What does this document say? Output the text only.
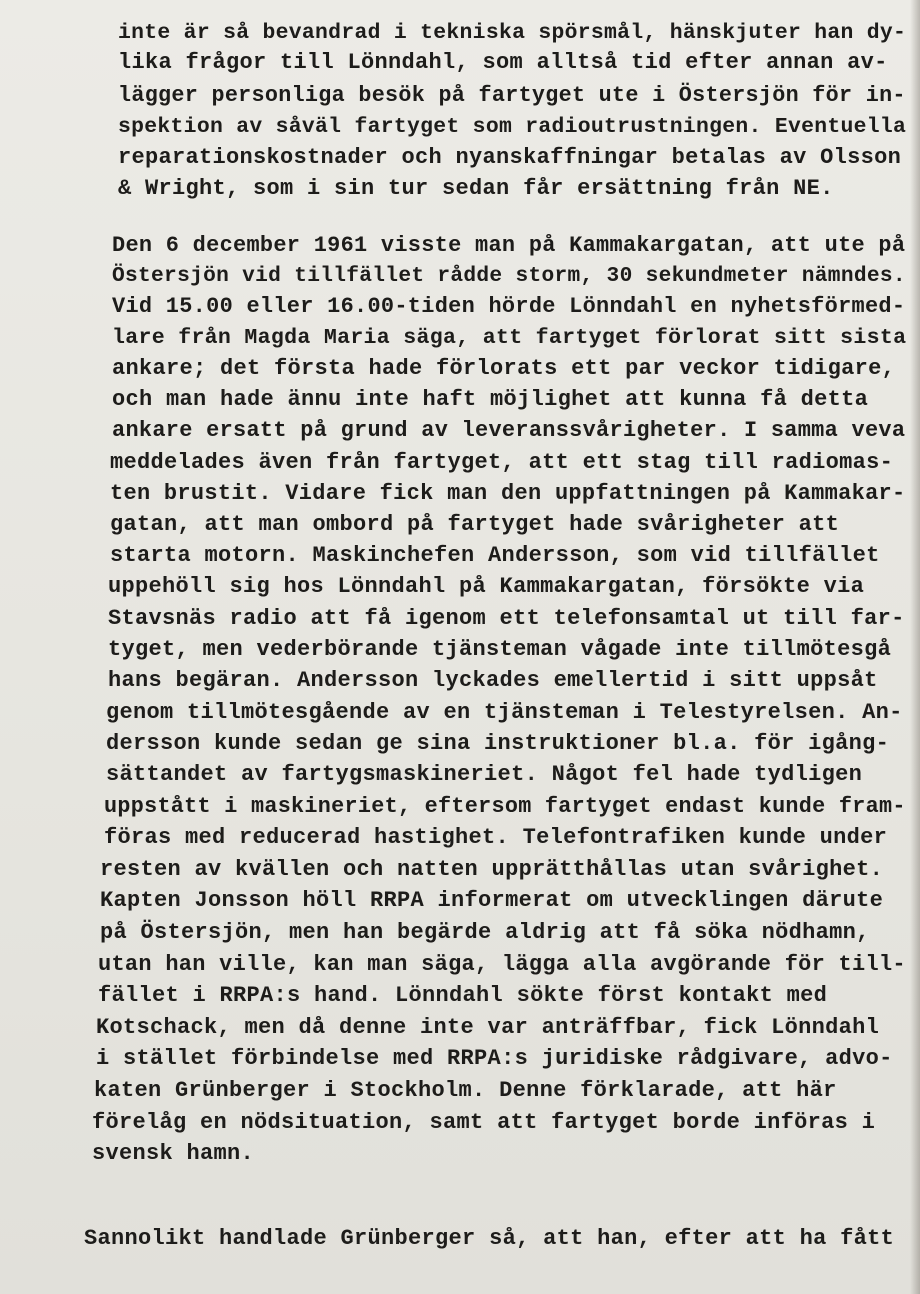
inte är så bevandrad i tekniska spörsmål, hänskjuter han dy-
lika frågor till Lönndahl, som alltså tid efter annan av-
lägger personliga besök på fartyget ute i Östersjön för in-
spektion av såväl fartyget som radioutrustningen. Eventuella
reparationskostnader och nyanskaffningar betalas av Olsson
& Wright, som i sin tur sedan får ersättning från NE.
Den 6 december 1961 visste man på Kammakargatan, att ute på
Östersjön vid tillfället rådde storm, 30 sekundmeter nämndes.
Vid 15.00 eller 16.00-tiden hörde Lönndahl en nyhetsförmed-
lare från Magda Maria säga, att fartyget förlorat sitt sista
ankare; det första hade förlorats ett par veckor tidigare,
och man hade ännu inte haft möjlighet att kunna få detta
ankare ersatt på grund av leveranssvårigheter. I samma veva
meddelades även från fartyget, att ett stag till radiomas-
ten brustit. Vidare fick man den uppfattningen på Kammakar-
gatan, att man ombord på fartyget hade svårigheter att
starta motorn. Maskinchefen Andersson, som vid tillfället
uppehöll sig hos Lönndahl på Kammakargatan, försökte via
Stavsnäs radio att få igenom ett telefonsamtal ut till far-
tyget, men vederbörande tjänsteman vågade inte tillmötesgå
hans begäran. Andersson lyckades emellertid i sitt uppsåt
genom tillmötesgående av en tjänsteman i Telestyrelsen. An-
dersson kunde sedan ge sina instruktioner bl.a. för igång-
sättandet av fartygsmaskineriet. Något fel hade tydligen
uppstått i maskineriet, eftersom fartyget endast kunde fram-
föras med reducerad hastighet. Telefontrafiken kunde under
resten av kvällen och natten upprätthållas utan svårighet.
Kapten Jonsson höll RRPA informerat om utvecklingen därute
på Östersjön, men han begärde aldrig att få söka nödhamn,
utan han ville, kan man säga, lägga alla avgörande för till-
fället i RRPA:s hand. Lönndahl sökte först kontakt med
Kotschack, men då denne inte var anträffbar, fick Lönndahl
i stället förbindelse med RRPA:s juridiske rådgivare, advo-
katen Grünberger i Stockholm. Denne förklarade, att här
förelåg en nödsituation, samt att fartyget borde införas i
svensk hamn.
Sannolikt handlade Grünberger så, att han, efter att ha fått
